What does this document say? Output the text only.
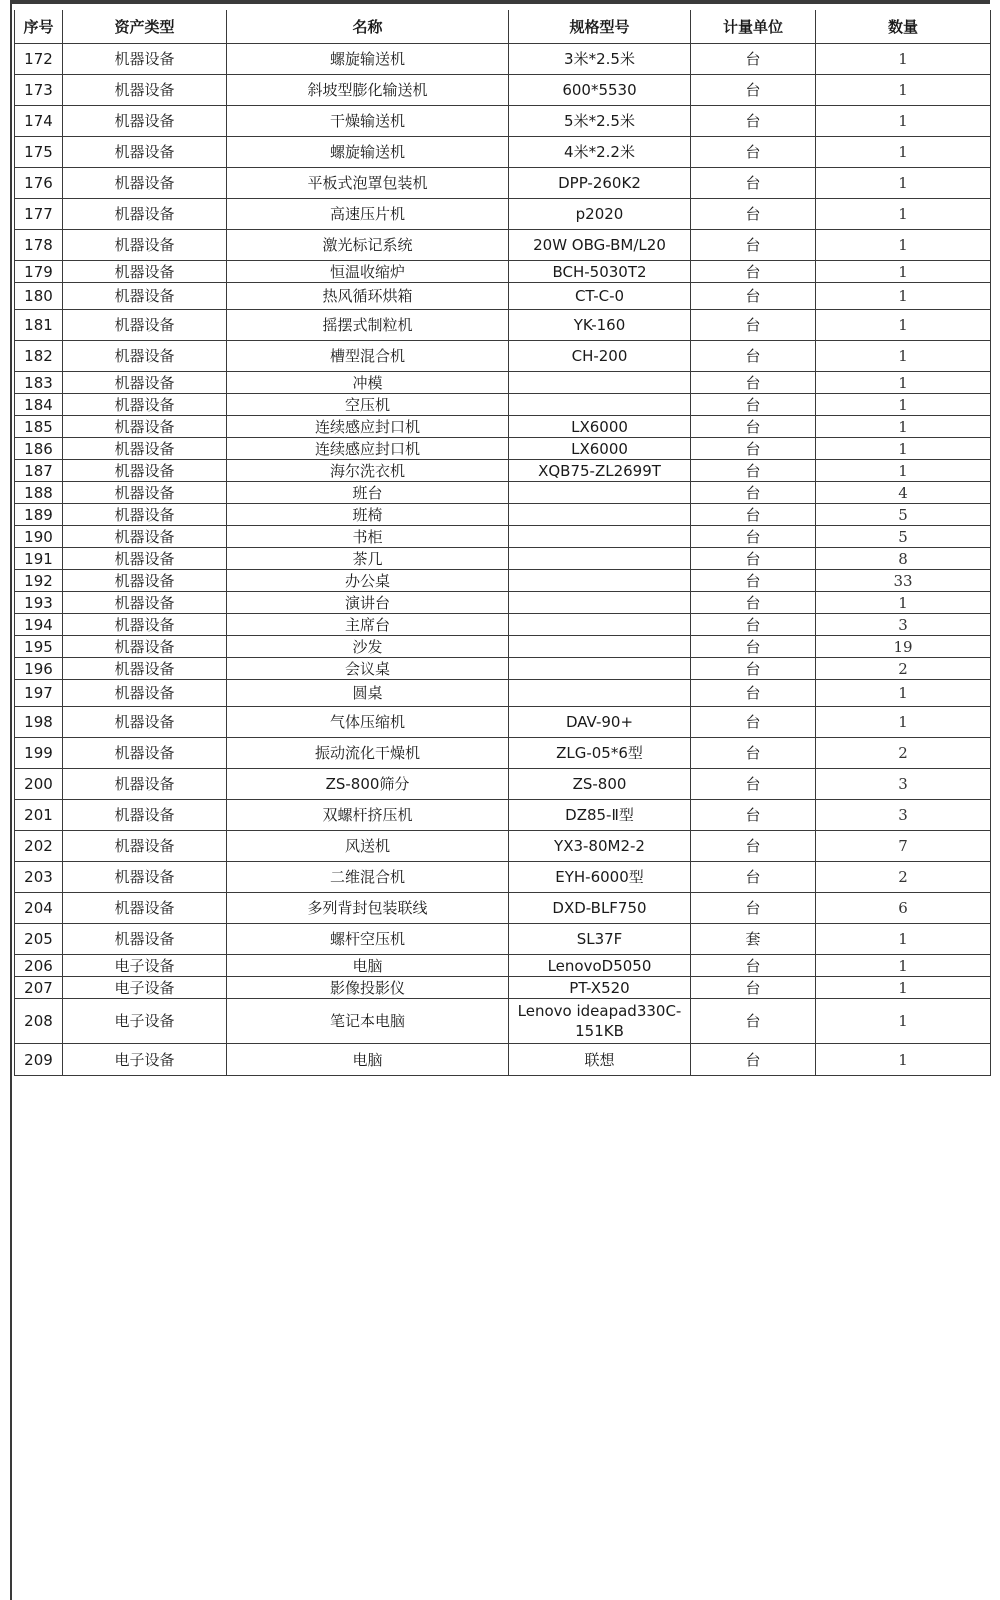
序号	资产类型	名称	规格型号	计量单位	数量
172	机器设备	螺旋输送机	3米*2.5米	台	1
173	机器设备	斜坡型膨化输送机	600*5530	台	1
174	机器设备	干燥输送机	5米*2.5米	台	1
175	机器设备	螺旋输送机	4米*2.2米	台	1
176	机器设备	平板式泡罩包装机	DPP-260K2	台	1
177	机器设备	高速压片机	p2020	台	1
178	机器设备	激光标记系统	20W OBG-BM/L20	台	1
179	机器设备	恒温收缩炉	BCH-5030T2	台	1
180	机器设备	热风循环烘箱	CT-C-0	台	1
181	机器设备	摇摆式制粒机	YK-160	台	1
182	机器设备	槽型混合机	CH-200	台	1
183	机器设备	冲模		台	1
184	机器设备	空压机		台	1
185	机器设备	连续感应封口机	LX6000	台	1
186	机器设备	连续感应封口机	LX6000	台	1
187	机器设备	海尔洗衣机	XQB75-ZL2699T	台	1
188	机器设备	班台		台	4
189	机器设备	班椅		台	5
190	机器设备	书柜		台	5
191	机器设备	茶几		台	8
192	机器设备	办公桌		台	33
193	机器设备	演讲台		台	1
194	机器设备	主席台		台	3
195	机器设备	沙发		台	19
196	机器设备	会议桌		台	2
197	机器设备	圆桌		台	1
198	机器设备	气体压缩机	DAV-90+	台	1
199	机器设备	振动流化干燥机	ZLG-05*6型	台	2
200	机器设备	ZS-800筛分	ZS-800	台	3
201	机器设备	双螺杆挤压机	DZ85-Ⅱ型	台	3
202	机器设备	风送机	YX3-80M2-2	台	7
203	机器设备	二维混合机	EYH-6000型	台	2
204	机器设备	多列背封包装联线	DXD-BLF750	台	6
205	机器设备	螺杆空压机	SL37F	套	1
206	电子设备	电脑	LenovoD5050	台	1
207	电子设备	影像投影仪	PT-X520	台	1
208	电子设备	笔记本电脑	Lenovo ideapad330C-151KB	台	1
209	电子设备	电脑	联想	台	1
